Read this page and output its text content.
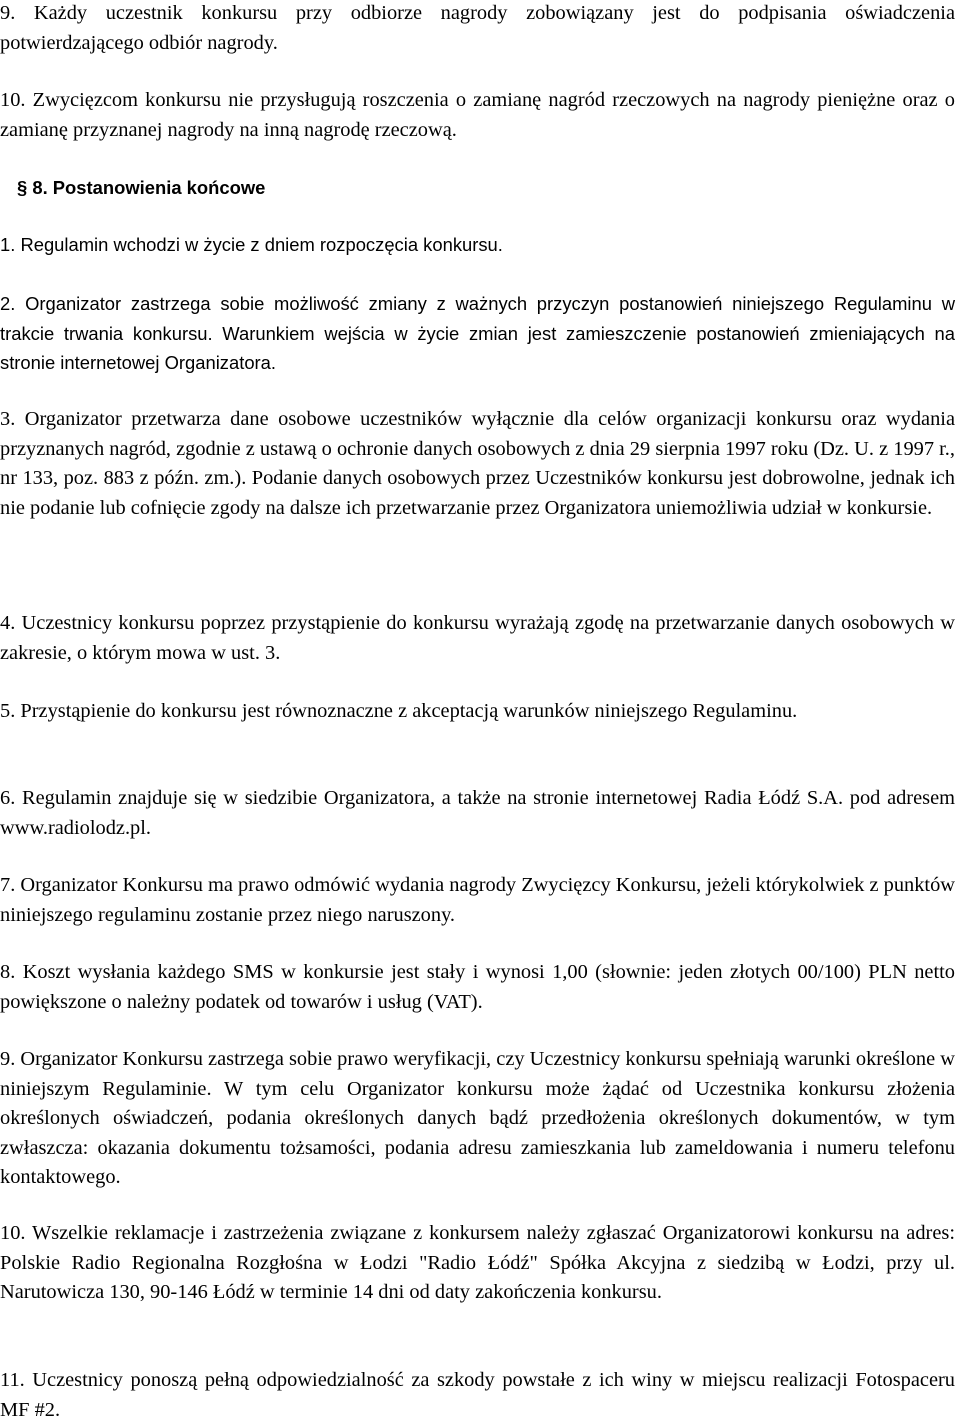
9. Każdy uczestnik konkursu przy odbiorze nagrody zobowiązany jest do podpisania oświadczenia potwierdzającego odbiór nagrody.

10. Zwycięzcom konkursu nie przysługują roszczenia o zamianę nagród rzeczowych na nagrody pieniężne oraz o zamianę przyznanej nagrody na inną nagrodę rzeczową.

§ 8. Postanowienia końcowe

1. Regulamin wchodzi w życie z dniem rozpoczęcia konkursu.

2. Organizator zastrzega sobie możliwość zmiany z ważnych przyczyn postanowień niniejszego Regulaminu w trakcie trwania konkursu. Warunkiem wejścia w życie zmian jest zamieszczenie postanowień zmieniających na stronie internetowej Organizatora.

3. Organizator przetwarza dane osobowe uczestników wyłącznie dla celów organizacji konkursu oraz wydania przyznanych nagród, zgodnie z ustawą o ochronie danych osobowych z dnia 29 sierpnia 1997 roku (Dz. U. z 1997 r., nr 133, poz. 883 z późn. zm.). Podanie danych osobowych przez Uczestników konkursu jest dobrowolne, jednak ich nie podanie lub cofnięcie zgody na dalsze ich przetwarzanie przez Organizatora uniemożliwia udział w konkursie.

4. Uczestnicy konkursu poprzez przystąpienie do konkursu wyrażają zgodę na przetwarzanie danych osobowych w zakresie, o którym mowa w ust. 3.

5. Przystąpienie do konkursu jest równoznaczne z akceptacją warunków niniejszego Regulaminu.

6. Regulamin znajduje się w siedzibie Organizatora, a także na stronie internetowej Radia Łódź S.A. pod adresem www.radiolodz.pl.

7. Organizator Konkursu ma prawo odmówić wydania nagrody Zwycięzcy Konkursu, jeżeli którykolwiek z punktów niniejszego regulaminu zostanie przez niego naruszony.

8. Koszt wysłania każdego SMS w konkursie jest stały i wynosi 1,00 (słownie: jeden złotych 00/100) PLN netto powiększone o należny podatek od towarów i usług (VAT).

9. Organizator Konkursu zastrzega sobie prawo weryfikacji, czy Uczestnicy konkursu spełniają warunki określone w niniejszym Regulaminie. W tym celu Organizator konkursu może żądać od Uczestnika konkursu złożenia określonych oświadczeń, podania określonych danych bądź przedłożenia określonych dokumentów, w tym zwłaszcza: okazania dokumentu tożsamości, podania adresu zamieszkania lub zameldowania i numeru telefonu kontaktowego.

10. Wszelkie reklamacje i zastrzeżenia związane z konkursem należy zgłaszać Organizatorowi konkursu na adres: Polskie Radio Regionalna Rozgłośna w Łodzi "Radio Łódź" Spółka Akcyjna z siedzibą w Łodzi, przy ul. Narutowicza 130, 90-146 Łódź w terminie 14 dni od daty zakończenia konkursu.

11. Uczestnicy ponoszą pełną odpowiedzialność za szkody powstałe z ich winy w miejscu realizacji Fotospaceru MF #2.
